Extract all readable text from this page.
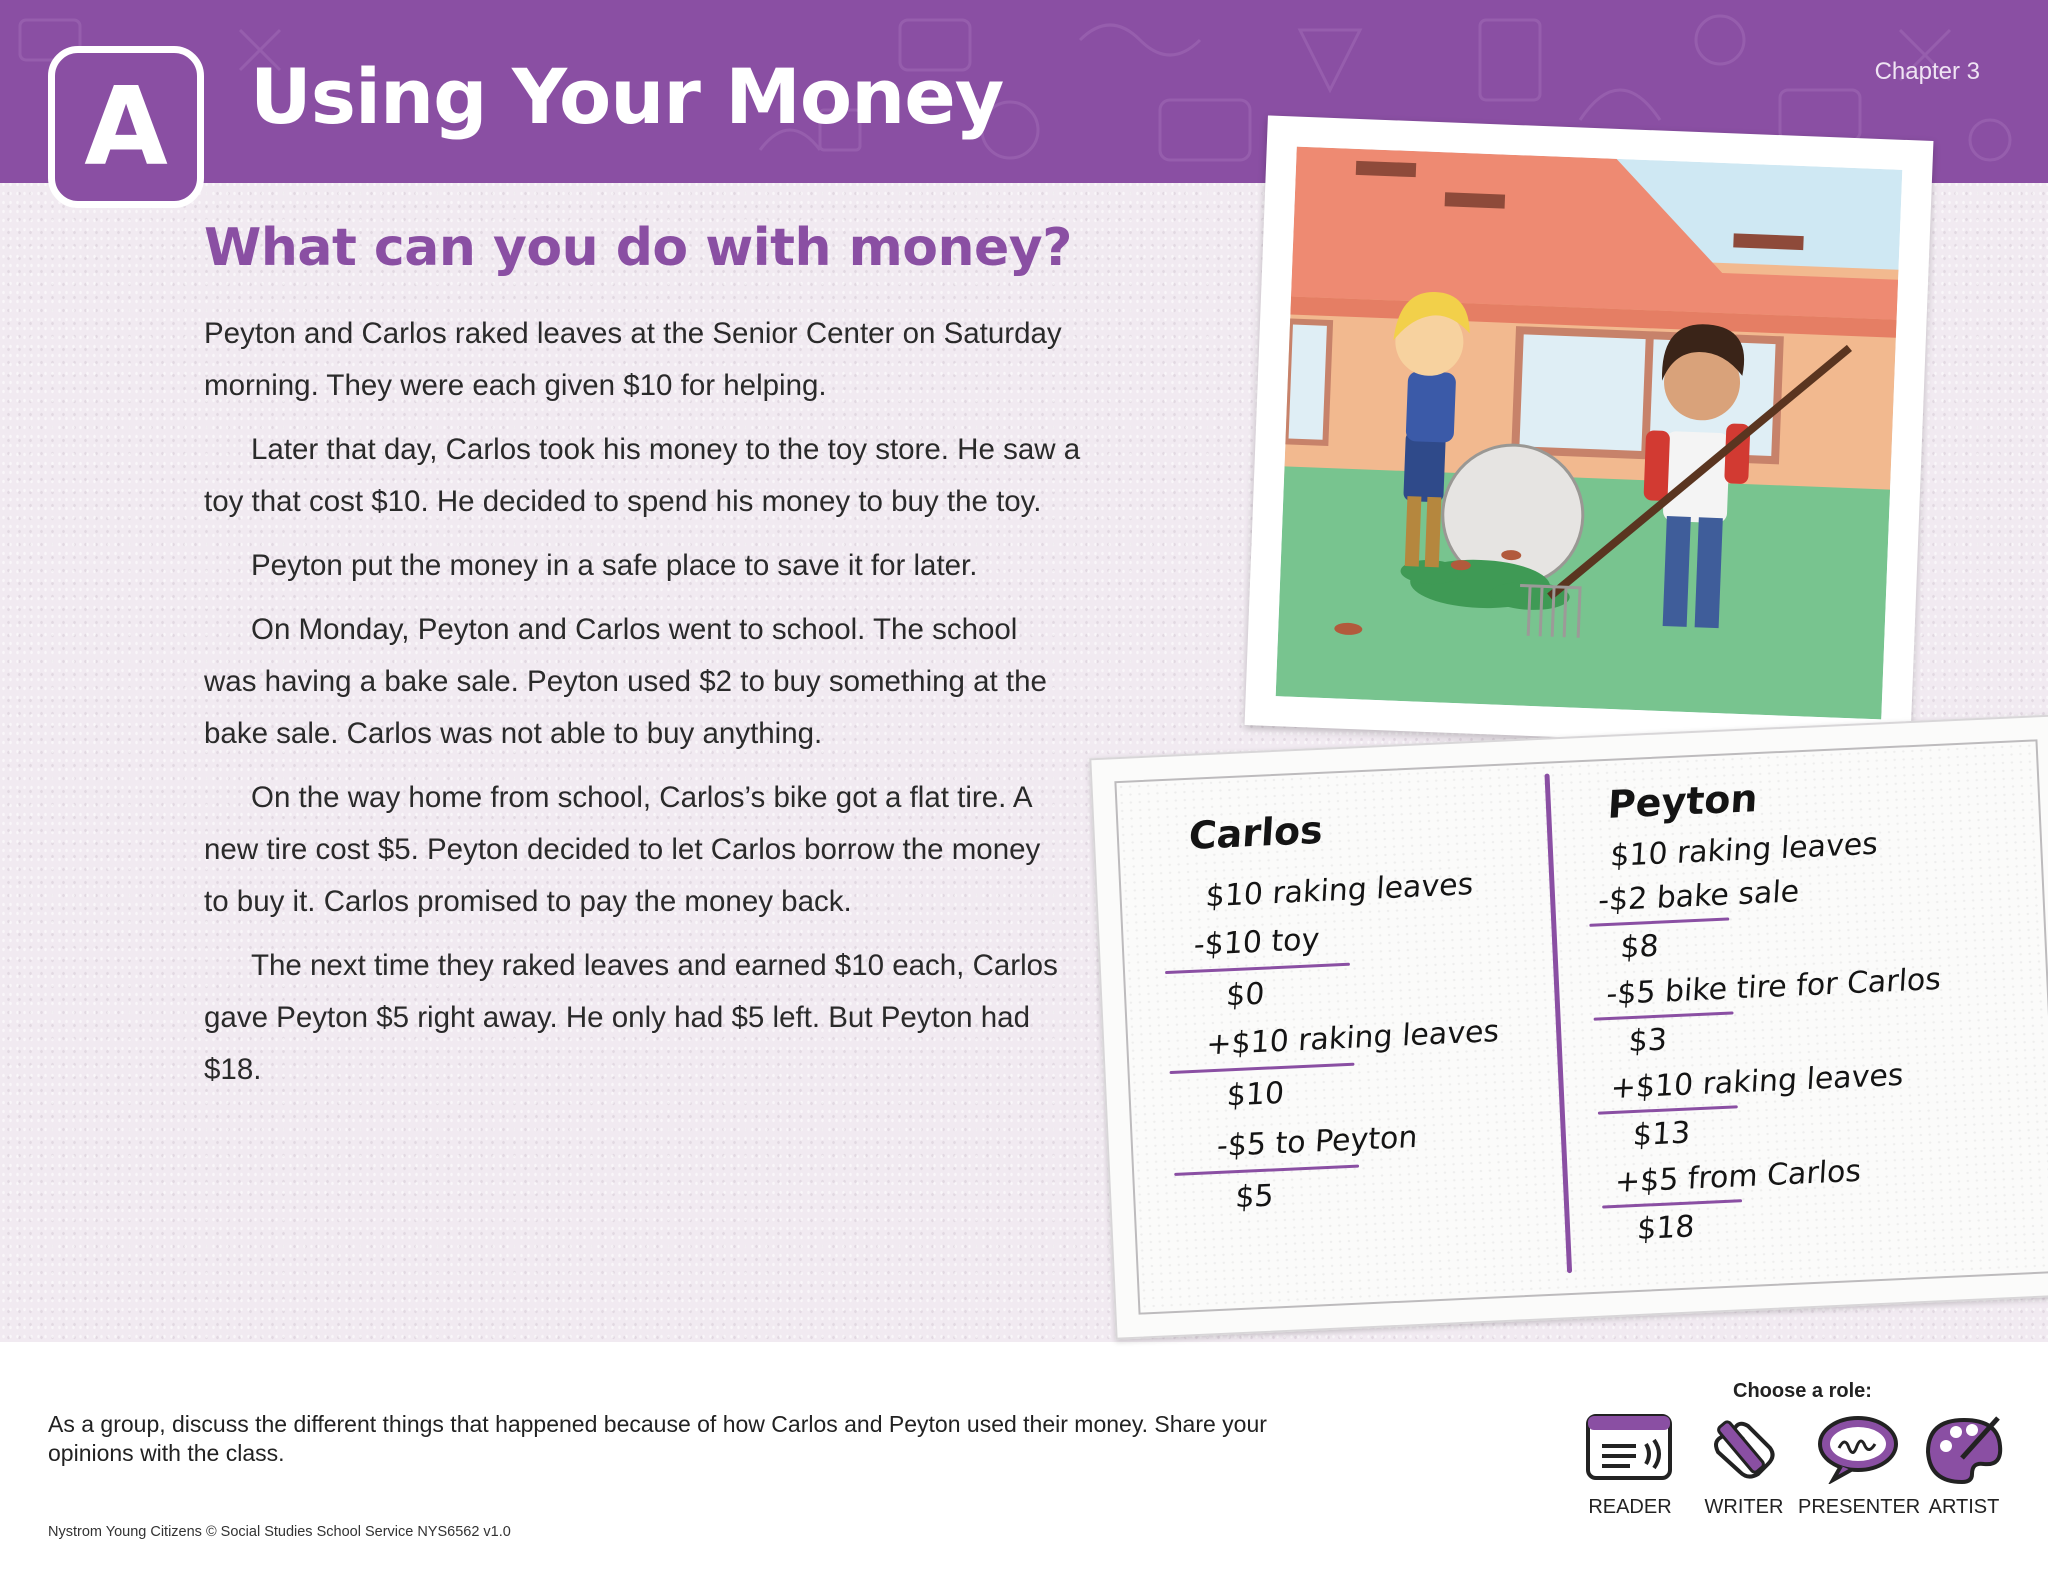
Using Your Money	Chapter 3
A
What can you do with money?

Peyton and Carlos raked leaves at the Senior Center on Saturday morning. They were each given $10 for helping.

Later that day, Carlos took his money to the toy store. He saw a toy that cost $10. He decided to spend his money to buy the toy.

Peyton put the money in a safe place to save it for later.

On Monday, Peyton and Carlos went to school. The school was having a bake sale. Peyton used $2 to buy something at the bake sale. Carlos was not able to buy anything.

On the way home from school, Carlos’s bike got a flat tire. A new tire cost $5. Peyton decided to let Carlos borrow the money to buy it. Carlos promised to pay the money back.

The next time they raked leaves and earned $10 each, Carlos gave Peyton $5 right away. He only had $5 left. But Peyton had $18.

Carlos

$10 raking leaves

-$10 toy

$0

+$10 raking leaves

$10

-$5 to Peyton

$5

Peyton

$10 raking leaves

-$2 bake sale

$8

-$5 bike tire for Carlos

$3

+$10 raking leaves

$13

+$5 from Carlos

$18

As a group, discuss the different things that happened because of how Carlos and Peyton used their money. Share your opinions with the class.

Nystrom Young Citizens © Social Studies School Service NYS6562 v1.0

Choose a role:

READER	WRITER PRESENTER ARTIST
